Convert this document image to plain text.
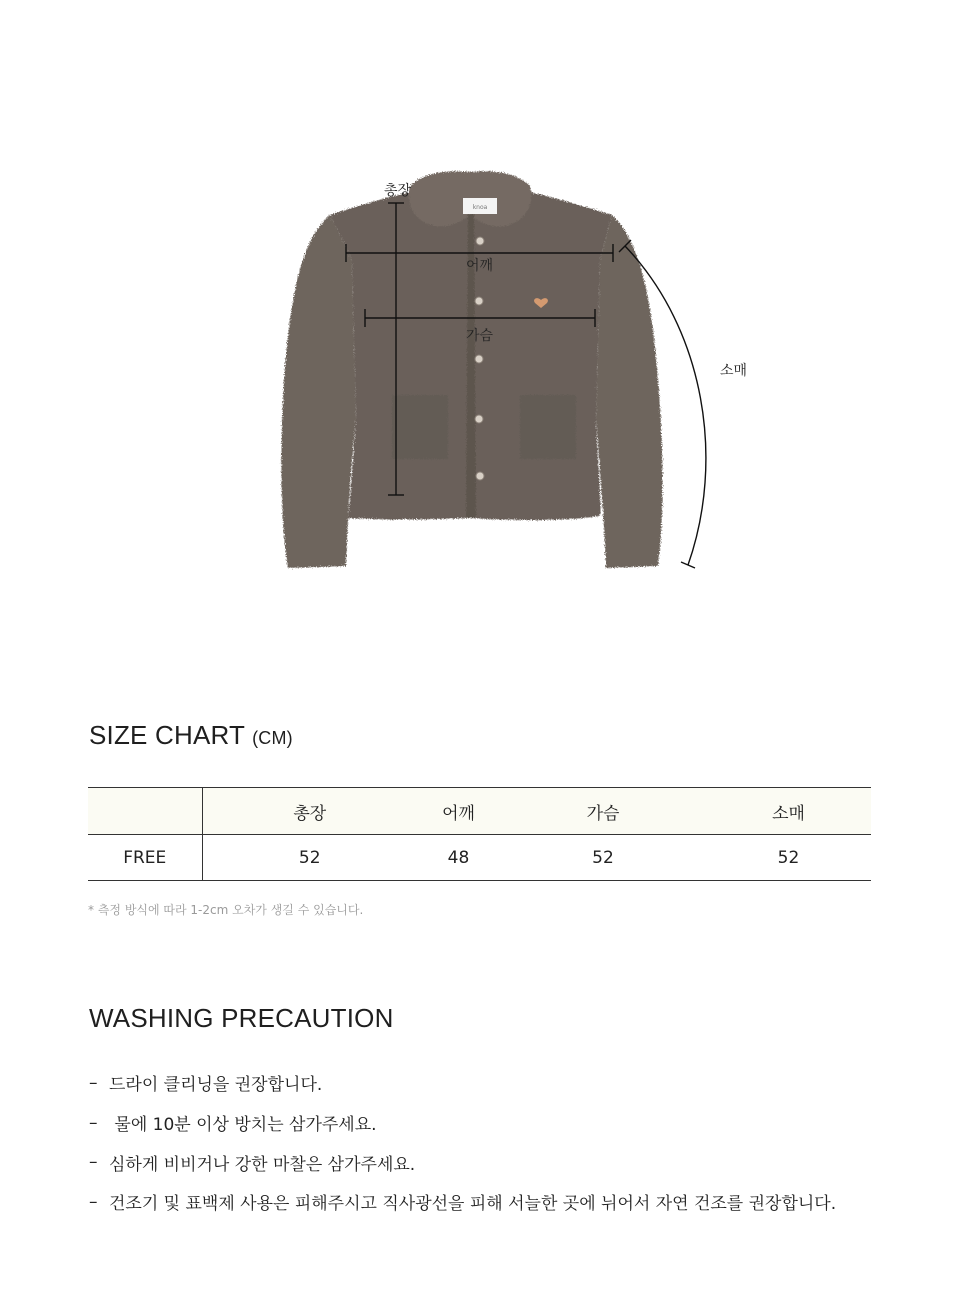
knoa
총장
어깨
가슴
소매
SIZE CHART (CM)
	총장	어깨	가슴	소매
FREE	52	48	52	52
* 측정 방식에 따라 1-2cm 오차가 생길 수 있습니다.
WASHING PRECAUTION
– 드라이 클리닝을 권장합니다.
– 물에 10분 이상 방치는 삼가주세요.
– 심하게 비비거나 강한 마찰은 삼가주세요.
– 건조기 및 표백제 사용은 피해주시고 직사광선을 피해 서늘한 곳에 뉘어서 자연 건조를 권장합니다.
